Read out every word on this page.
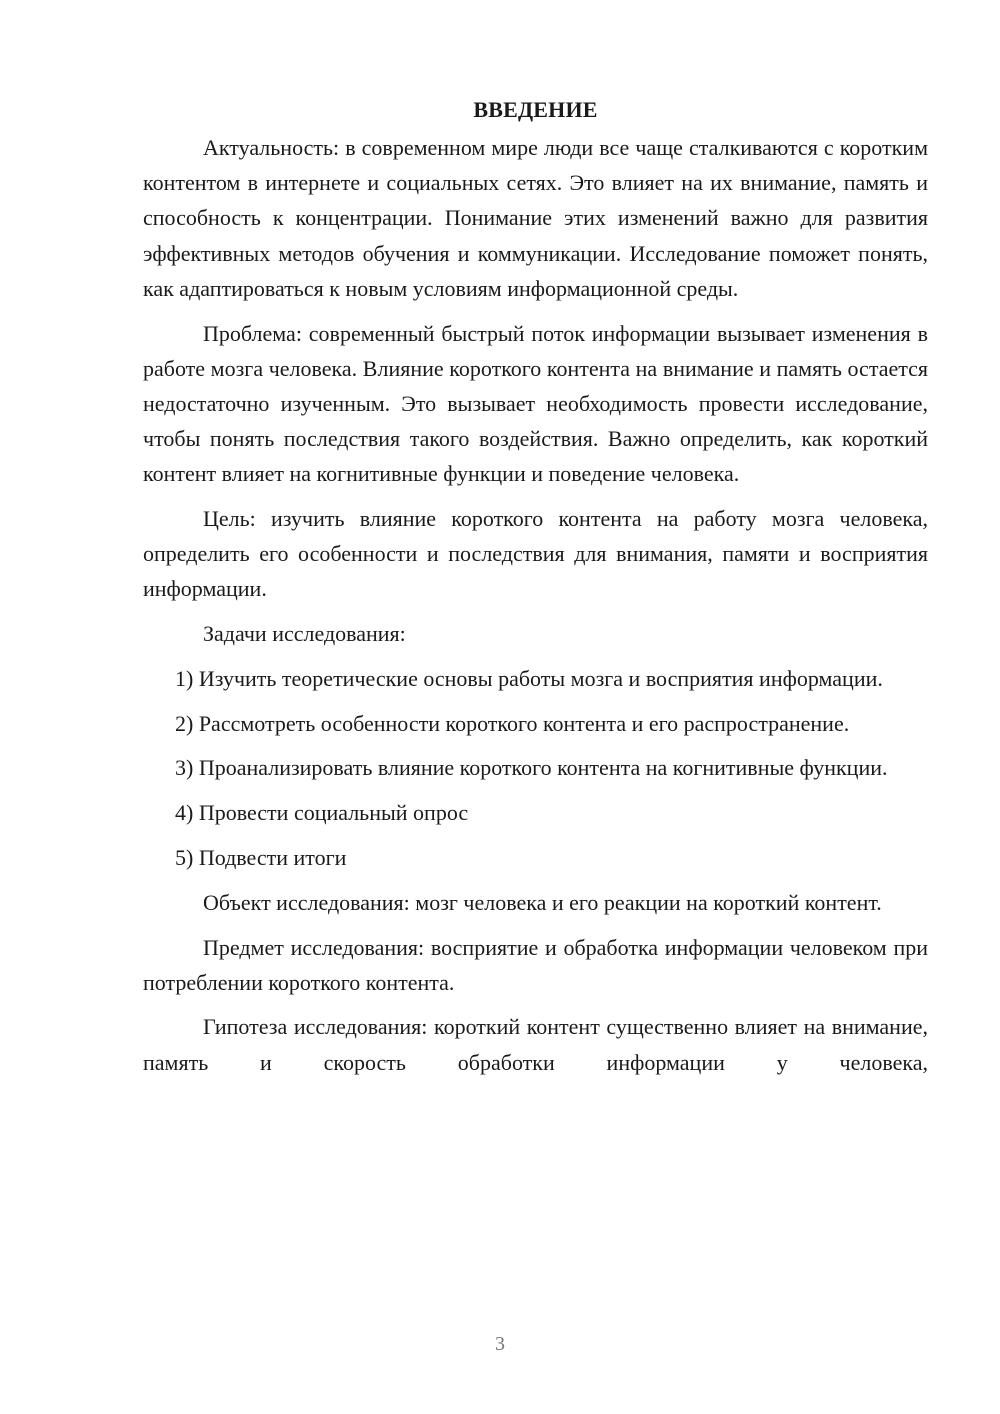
ВВЕДЕНИЕ

Актуальность: в современном мире люди все чаще сталкиваются с коротким контентом в интернете и социальных сетях. Это влияет на их внимание, память и способность к концентрации. Понимание этих изменений важно для развития эффективных методов обучения и коммуникации. Исследование поможет понять, как адаптироваться к новым условиям информационной среды.

Проблема: современный быстрый поток информации вызывает изменения в работе мозга человека. Влияние короткого контента на внимание и память остается недостаточно изученным. Это вызывает необходимость провести исследование, чтобы понять последствия такого воздействия. Важно определить, как короткий контент влияет на когнитивные функции и поведение человека.

Цель: изучить влияние короткого контента на работу мозга человека, определить его особенности и последствия для внимания, памяти и восприятия информации.

Задачи исследования:

1) Изучить теоретические основы работы мозга и восприятия информации.

2) Рассмотреть особенности короткого контента и его распространение.

3) Проанализировать влияние короткого контента на когнитивные функции.

4) Провести социальный опрос

5) Подвести итоги

Объект исследования: мозг человека и его реакции на короткий контент.

Предмет исследования: восприятие и обработка информации человеком при потреблении короткого контента.

Гипотеза исследования: короткий контент существенно влияет на внимание, память и скорость обработки информации у человека,

3
